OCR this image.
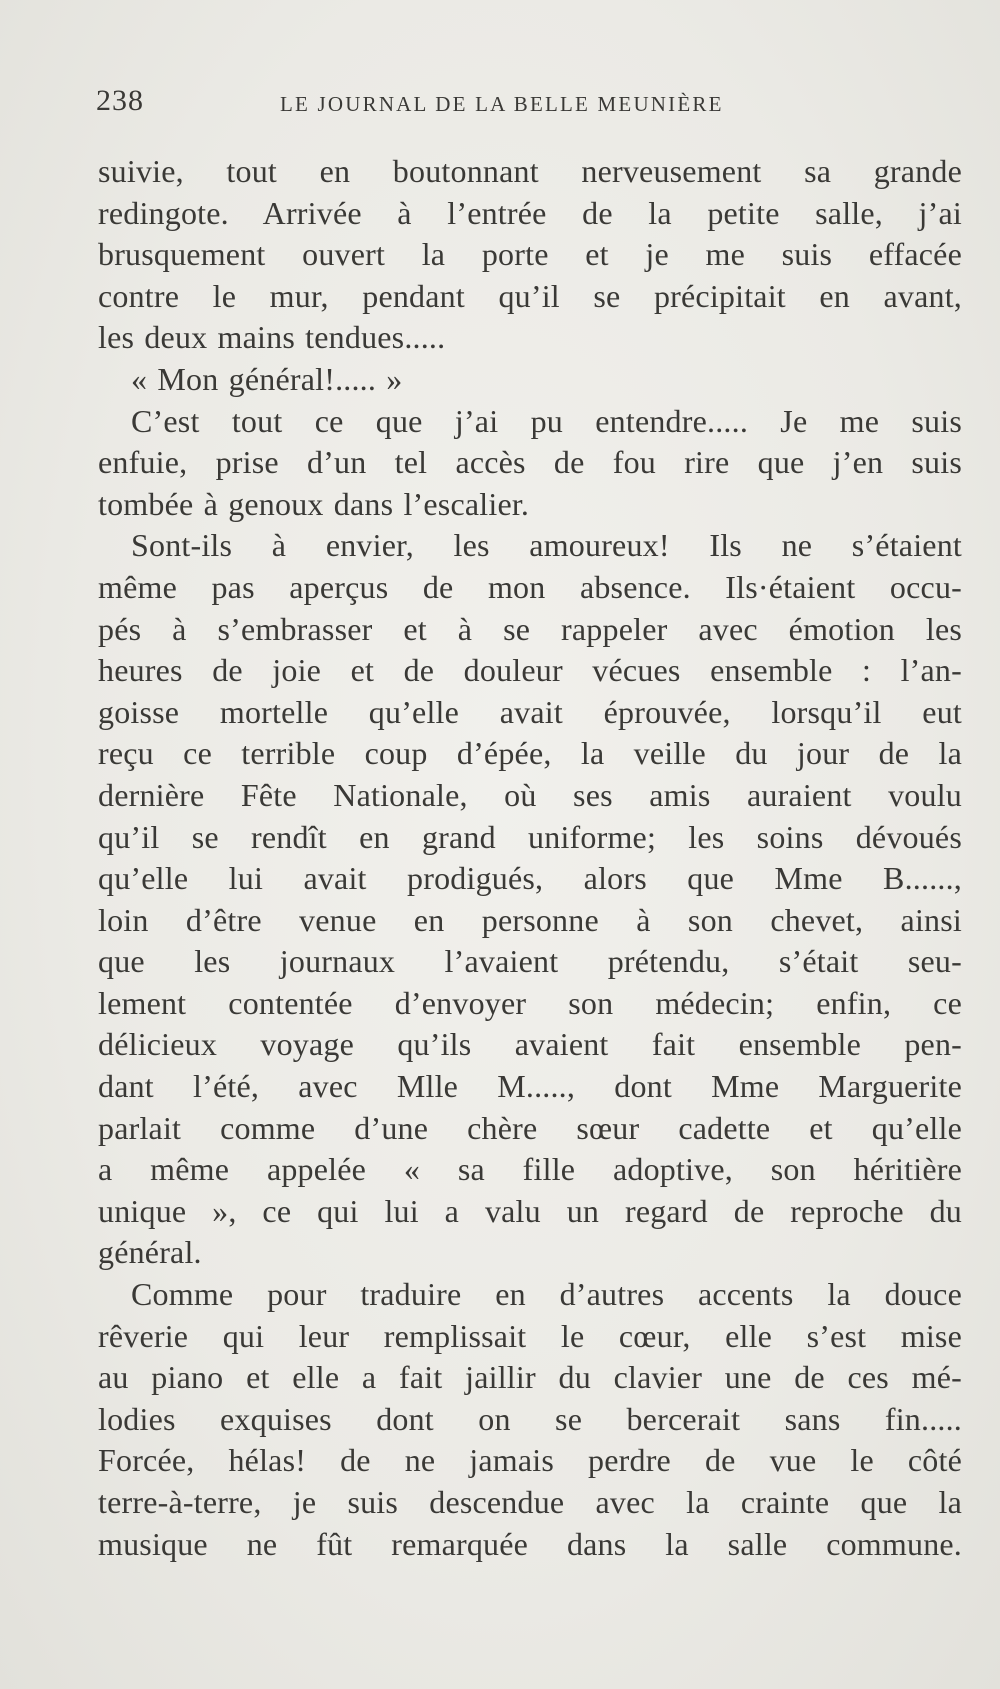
238	LE JOURNAL DE LA BELLE MEUNIÈRE
suivie, tout en boutonnant nerveusement sa grande
redingote. Arrivée à l’entrée de la petite salle, j’ai
brusquement ouvert la porte et je me suis effacée
contre le mur, pendant qu’il se précipitait en avant,
les deux mains tendues.....
« Mon général!..... »
C’est tout ce que j’ai pu entendre..... Je me suis
enfuie, prise d’un tel accès de fou rire que j’en suis
tombée à genoux dans l’escalier.
Sont-ils à envier, les amoureux! Ils ne s’étaient
même pas aperçus de mon absence. Ils·étaient occu-
pés à s’embrasser et à se rappeler avec émotion les
heures de joie et de douleur vécues ensemble : l’an-
goisse mortelle qu’elle avait éprouvée, lorsqu’il eut
reçu ce terrible coup d’épée, la veille du jour de la
dernière Fête Nationale, où ses amis auraient voulu
qu’il se rendît en grand uniforme; les soins dévoués
qu’elle lui avait prodigués, alors que Mme B......,
loin d’être venue en personne à son chevet, ainsi
que les journaux l’avaient prétendu, s’était seu-
lement contentée d’envoyer son médecin; enfin, ce
délicieux voyage qu’ils avaient fait ensemble pen-
dant l’été, avec Mlle M....., dont Mme Marguerite
parlait comme d’une chère sœur cadette et qu’elle
a même appelée « sa fille adoptive, son héritière
unique », ce qui lui a valu un regard de reproche du
général.
Comme pour traduire en d’autres accents la douce
rêverie qui leur remplissait le cœur, elle s’est mise
au piano et elle a fait jaillir du clavier une de ces mé-
lodies exquises dont on se bercerait sans fin.....
Forcée, hélas! de ne jamais perdre de vue le côté
terre-à-terre, je suis descendue avec la crainte que la
musique ne fût remarquée dans la salle commune.
